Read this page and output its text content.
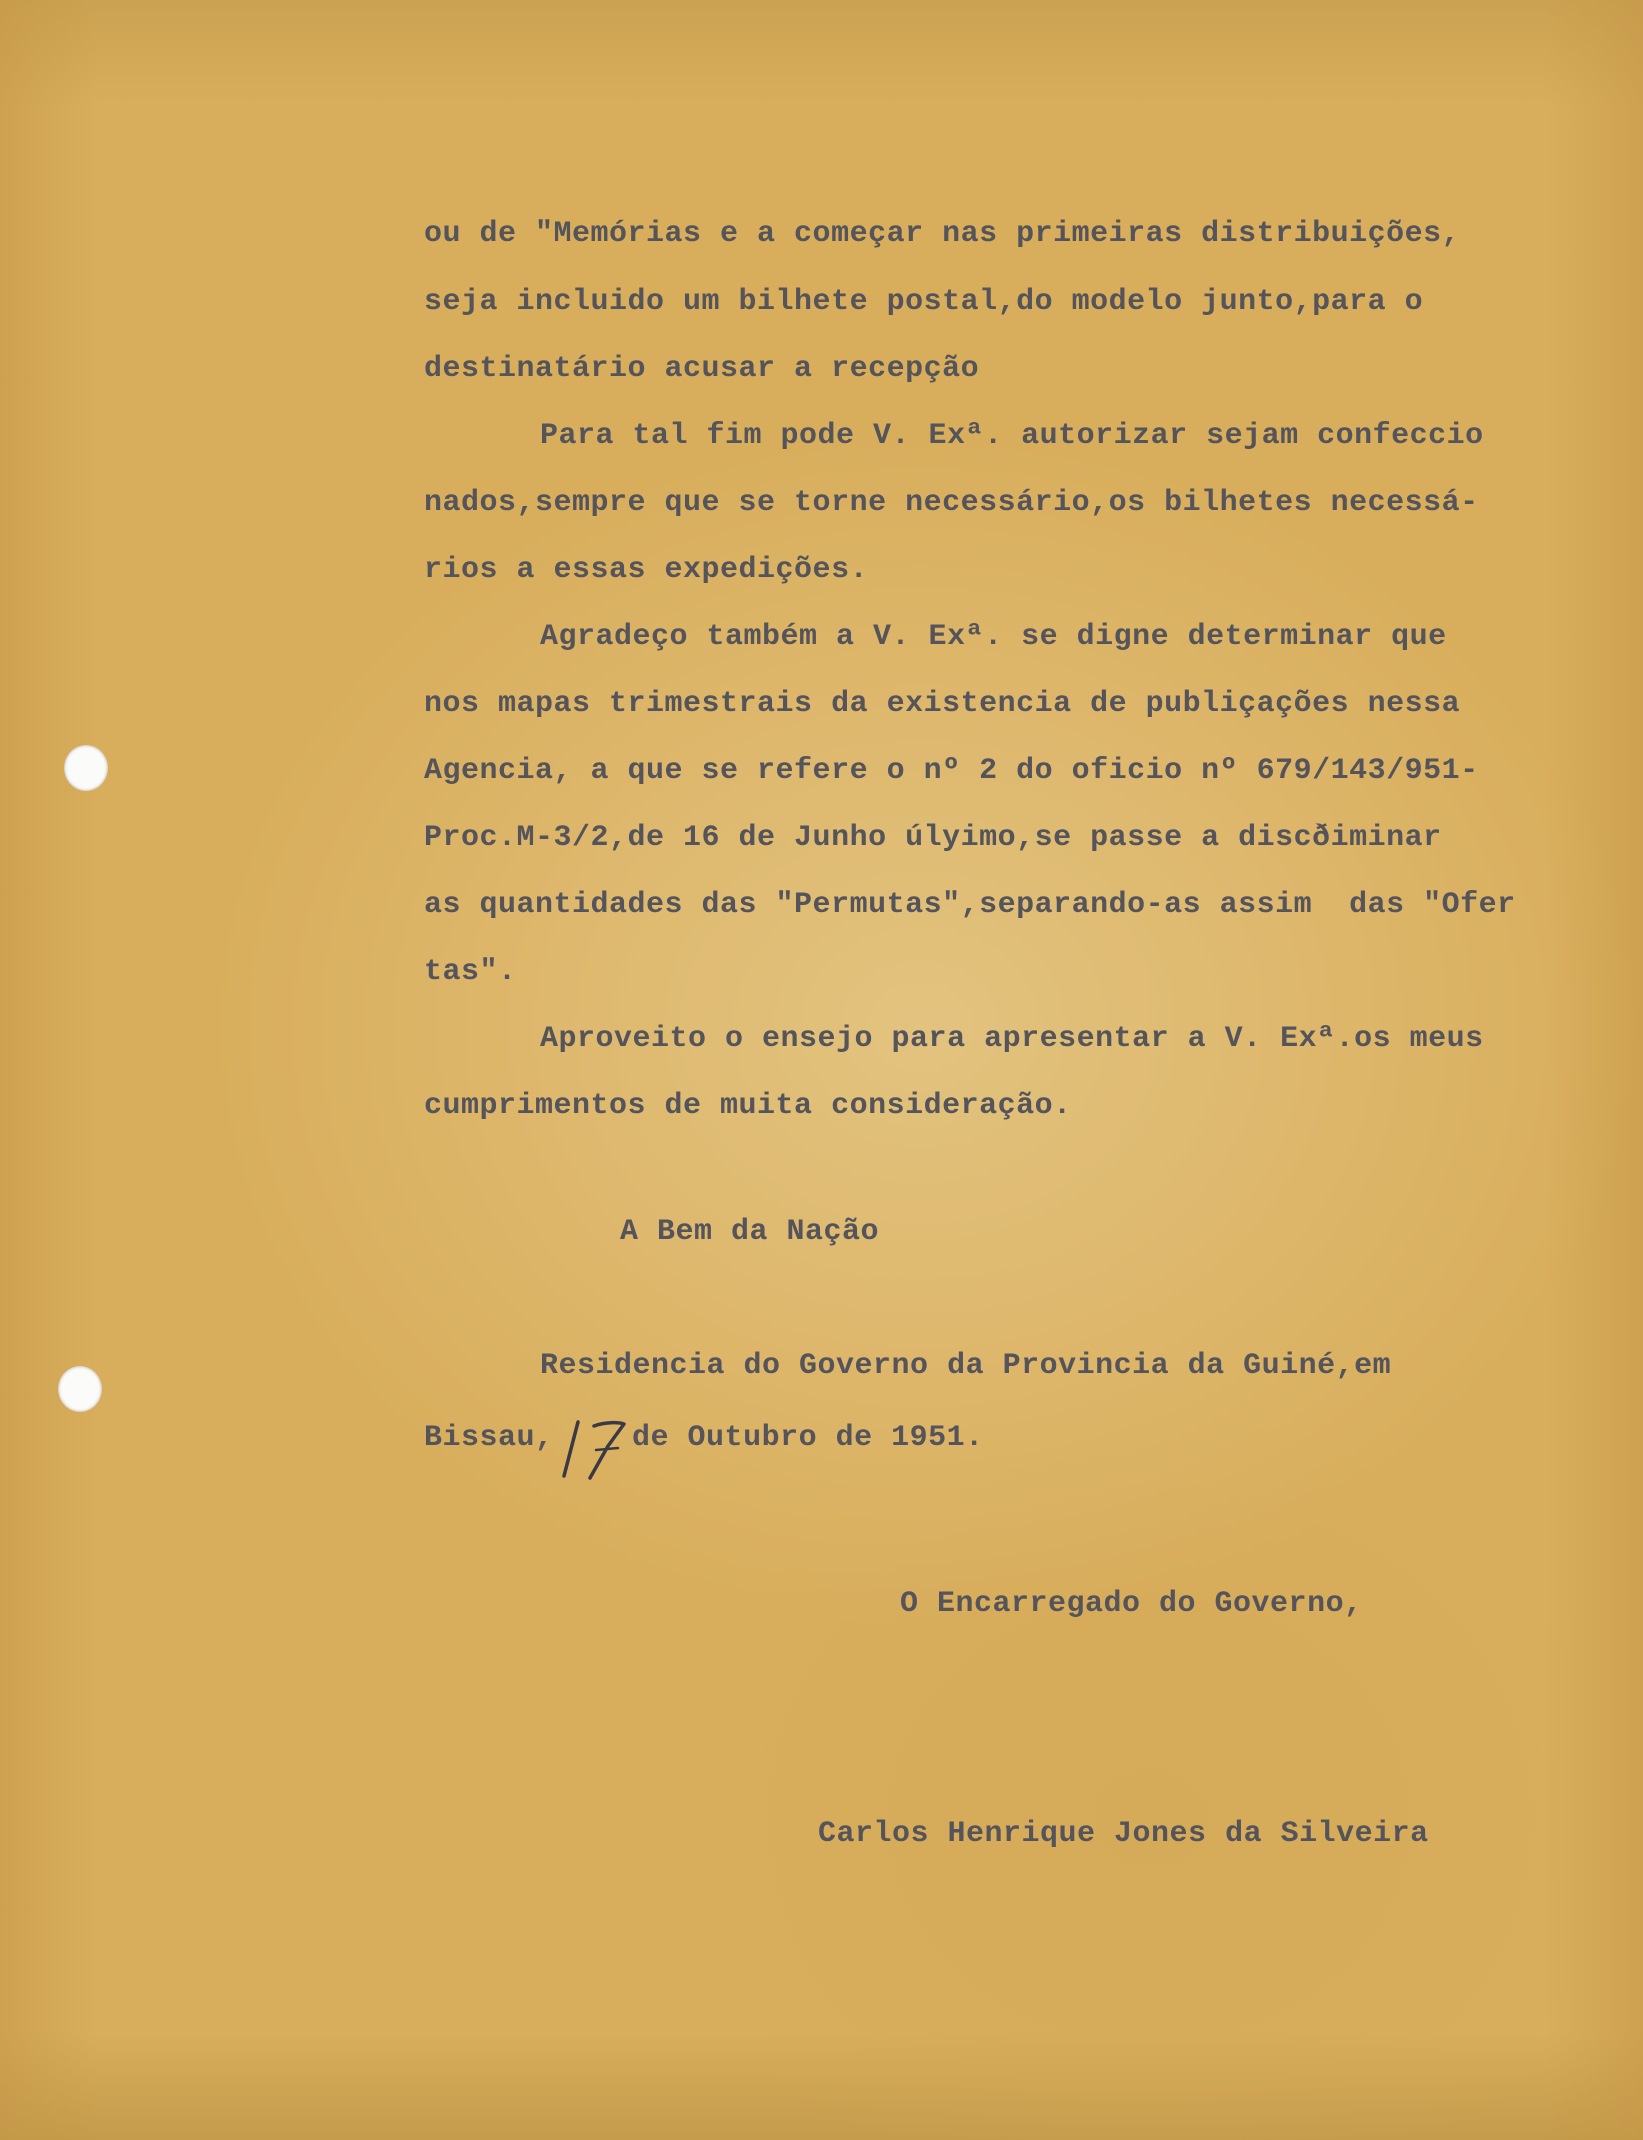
ou de "Memórias e a começar nas primeiras distribuições,
seja incluido um bilhete postal,do modelo junto,para o
destinatário acusar a recepção
Para tal fim pode V. Exª. autorizar sejam confeccio
nados,sempre que se torne necessário,os bilhetes necessá-
rios a essas expedições.
Agradeço também a V. Exª. se digne determinar que
nos mapas trimestrais da existencia de publiçações nessa
Agencia, a que se refere o nº 2 do oficio nº 679/143/951-
Proc.M-3/2,de 16 de Junho úlyimo,se passe a discðiminar
as quantidades das "Permutas",separando-as assim  das "Ofer
tas".
Aproveito o ensejo para apresentar a V. Exª.os meus
cumprimentos de muita consideração.
A Bem da Nação
Residencia do Governo da Provincia da Guiné,em
Bissau,	de Outubro de 1951.
O Encarregado do Governo,
Carlos Henrique Jones da Silveira
